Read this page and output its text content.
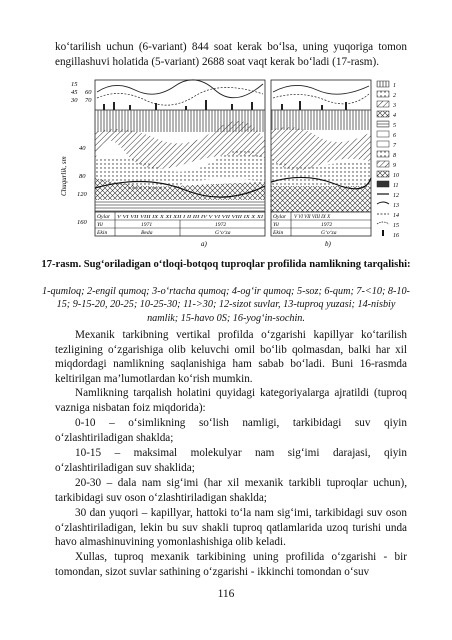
ko‘tarilish uchun (6-variant) 844 soat kerak bo‘lsa, uning yuqoriga tomon engillashuvi holatida (5-variant) 2688 soat vaqt kerak bo‘ladi (17-rasm).

Chuqurlik, sm
15
45 60
30 70
40
80
120
160
Oylar
Yil
Ekin
V VI VII VIII IX X XI XII I II III IV V VI VII VIII IX X XI
1971	1972
Beda	G‘o‘za
a)
Oylar
Yil
Ekin
V VI VII VIII IX X
1972
G‘o‘za
b)
1
2
3
4
5
6
7
8
9
10
11
12
13
14
15
16

17-rasm. Sug‘oriladigan o‘tloqi-botqoq tuproqlar profilida namlikning tarqalishi:

1-qumloq; 2-engil qumoq; 3-o‘rtacha qumoq; 4-og‘ir qumoq; 5-soz; 6-qum; 7-<10; 8-10-15; 9-15-20, 20-25; 10-25-30; 11->30; 12-sizot suvlar, 13-tuproq yuzasi; 14-nisbiy namlik; 15-havo 0S; 16-yog‘in-sochin.

Mexanik tarkibning vertikal profilda o‘zgarishi kapillyar ko‘tarilish tezligining o‘zgarishiga olib keluvchi omil bo‘lib qolmasdan, balki har xil miqdordagi namlikning saqlanishiga ham sabab bo‘ladi. Buni 16-rasmda keltirilgan ma’lumotlardan ko‘rish mumkin.

Namlikning tarqalish holatini quyidagi kategoriyalarga ajratildi (tuproq vazniga nisbatan foiz miqdorida):

0-10 – o‘simlikning so‘lish namligi, tarkibidagi suv qiyin o‘zlashtiriladigan shaklda;

10-15 – maksimal molekulyar nam sig‘imi darajasi, qiyin o‘zlashtiriladigan suv shaklida;

20-30 – dala nam sig‘imi (har xil mexanik tarkibli tuproqlar uchun), tarkibidagi suv oson o‘zlashtiriladigan shaklda;

30 dan yuqori – kapillyar, hattoki to‘la nam sig‘imi, tarkibidagi suv oson o‘zlashtiriladigan, lekin bu suv shakli tuproq qatlamlarida uzoq turishi unda havo almashinuvining yomonlashishiga olib keladi.

Xullas, tuproq mexanik tarkibining uning profilida o‘zgarishi - bir tomondan, sizot suvlar sathining o‘zgarishi - ikkinchi tomondan o‘suv

116
